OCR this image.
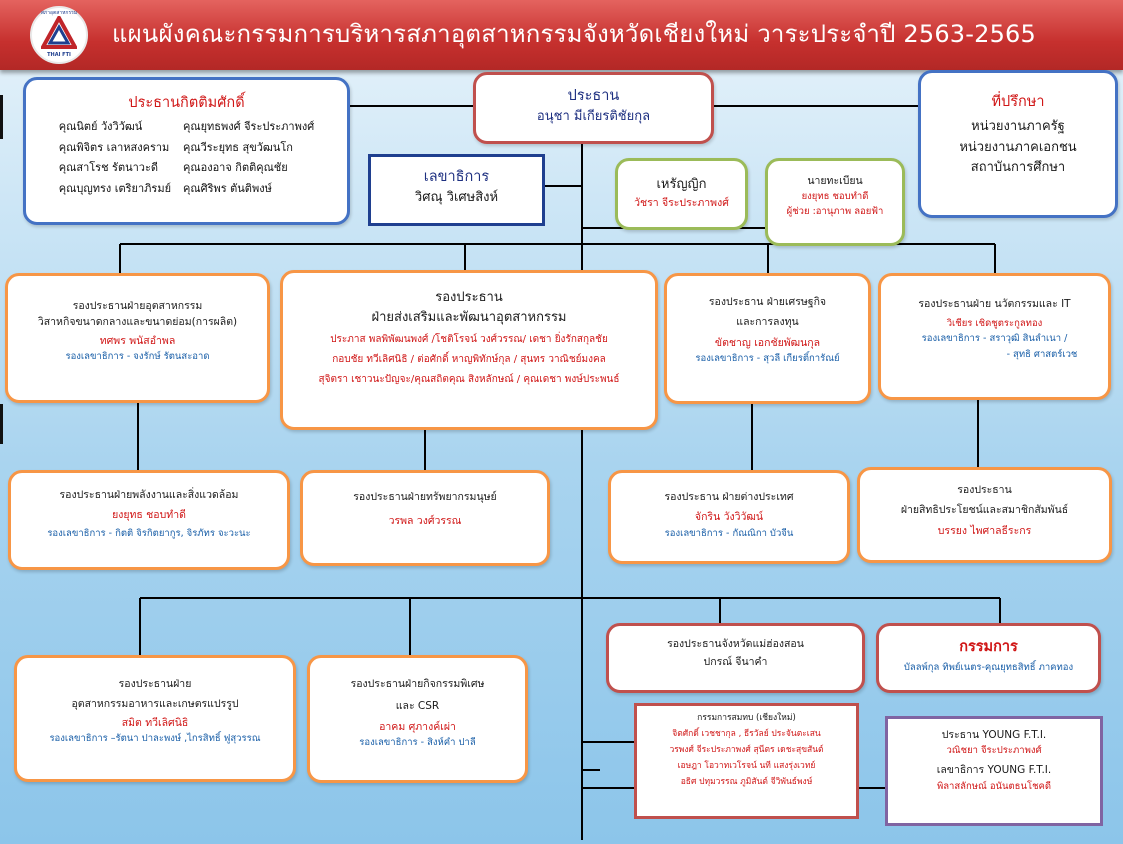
สภาอุตสาหกรรม
THAI FTI
แผนผังคณะกรรมการบริหารสภาอุตสาหกรรมจังหวัดเชียงใหม่ วาระประจำปี 2563-2565
ประธานกิตติมศักดิ์
คุณนิตย์ วังวิวัฒน์	คุณยุทธพงศ์ จีระประภาพงศ์
คุณพิจิตร เลาหสงคราม คุณวีระยุทธ สุขวัฒนโก
คุณสาโรช รัตนาวะดี	คุณองอาจ กิตติคุณชัย
คุณบุญทรง เตริยาภิรมย์ คุณศิริพร ตันติพงษ์
ประธาน
อนุชา มีเกียรติชัยกุล
ที่ปรึกษา
หน่วยงานภาครัฐ
หน่วยงานภาคเอกชน
สถาบันการศึกษา
เลขาธิการ
วิศณุ วิเศษสิงห์
เหรัญญิก
วัชรา จีระประภาพงศ์
นายทะเบียน
ยงยุทธ ชอบทำดี
ผู้ช่วย :อานุภาพ ลอยฟ้า
รองประธานฝ่ายอุตสาหกรรม
วิสาหกิจขนาดกลางและขนาดย่อม(การผลิต)
ทศพร พนัสอำพล
รองเลขาธิการ - จงรักษ์ รัตนสะอาด
รองประธาน
ฝ่ายส่งเสริมและพัฒนาอุตสาหกรรม
ประภาส พลพิพัฒนพงศ์ /โชติโรจน์ วงศ์วรรณ/ เดชา ยิ่งรักสกุลชัย
กอบชัย ทวีเลิศนิธิ / ต่อศักดิ์ หาญพิทักษ์กุล / สุนทร วาณิชย์มงคล
สุจิตรา เชาวนะปัญจะ/คุณสถิตคุณ สิงหลักษณ์ / คุณเดชา พงษ์ประพนธ์
รองประธาน ฝ่ายเศรษฐกิจ
และการลงทุน
ขัตชาญ เอกชัยพัฒนกุล
รองเลขาธิการ - สุวลี เกียรติ์การัณย์
รองประธานฝ่าย นวัตกรรมและ IT
วิเชียร เชิดชูตระกูลทอง
รองเลขาธิการ - สราวุฒิ สินลำเนา /
- สุทธิ ศาสตร์เวช
รองประธานฝ่ายพลังงานและสิ่งแวดล้อม
ยงยุทธ ชอบทำดี
รองเลขาธิการ - กิตติ จิรกิตยากูร, จิรภัทร จะวะนะ
รองประธานฝ่ายทรัพยากรมนุษย์
วรพล วงศ์วรรณ
รองประธาน ฝ่ายต่างประเทศ
จักริน วังวิวัฒน์
รองเลขาธิการ - กัณณิกา บัวจีน
รองประธาน
ฝ่ายสิทธิประโยชน์และสมาชิกสัมพันธ์
บรรยง ไพศาลธีระกร
รองประธานจังหวัดแม่ฮ่องสอน
ปกรณ์ จีนาคำ
กรรมการ
บัลลพ์กุล ทิพย์เนตร-คุณยุทธสิทธิ์ ภาคทอง
รองประธานฝ่าย
อุตสาหกรรมอาหารและเกษตรแปรรูป
สมิต ทวีเลิศนิธิ
รองเลขาธิการ –รัตนา ปาละพงษ์ ,ไกรสิทธิ์ ฟูสุวรรณ
รองประธานฝ่ายกิจกรรมพิเศษ
และ CSR
อาคม ศุภางค์เผ่า
รองเลขาธิการ - สิงห์คำ ปาลี
กรรมการสมทบ (เชียงใหม่)
จิตศักดิ์ เวชชากุล , ธีรวัลย์ ประจันตะเสน
วรพงศ์ จีระประภาพงศ์ สุนีตร เดชะสุขสันต์
เอษฎา โอวาทเวโรจน์ นที แสงรุ่งเวทย์
อธิศ ปทุมวรรณ ภูมิสันต์ จีวิพันธ์พงษ์
ประธาน YOUNG F.T.I.
วณิชยา จีระประภาพงศ์
เลขาธิการ YOUNG F.T.I.
พิลาสลักษณ์ อนันตธนโชคดี
